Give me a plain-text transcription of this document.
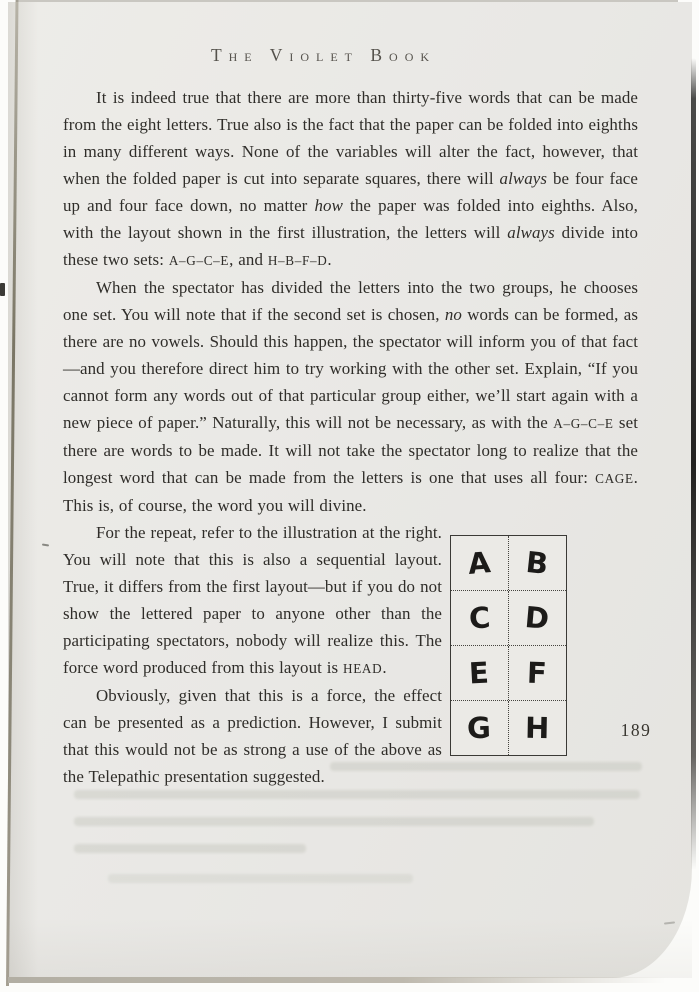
The Violet Book

It is indeed true that there are more than thirty-five words that can be made from the eight letters. True also is the fact that the paper can be folded into eighths in many different ways. None of the variables will alter the fact, however, that when the folded paper is cut into separate squares, there will always be four face up and four face down, no matter how the paper was folded into eighths. Also, with the layout shown in the first illustration, the letters will always divide into these two sets: A–G–C–E, and H–B–F–D.

When the spectator has divided the letters into the two groups, he chooses one set. You will note that if the second set is chosen, no words can be formed, as there are no vowels. Should this happen, the spectator will inform you of that fact—and you therefore direct him to try working with the other set. Explain, “If you cannot form any words out of that particular group either, we’ll start again with a new piece of paper.” Naturally, this will not be necessary, as with the A–G–C–E set there are words to be made. It will not take the spectator long to realize that the longest word that can be made from the letters is one that uses all four: CAGE. This is, of course, the word you will divine.

For the repeat, refer to the illustration at the right. You will note that this is also a sequential layout. True, it differs from the first layout—but if you do not show the lettered paper to anyone other than the participating spectators, nobody will realize this. The force word produced from this layout is HEAD.

Obviously, given that this is a force, the effect can be presented as a prediction. However, I submit that this would not be as strong a use of the above as the Telepathic presentation suggested.

A B
C D
E F
G H	189
